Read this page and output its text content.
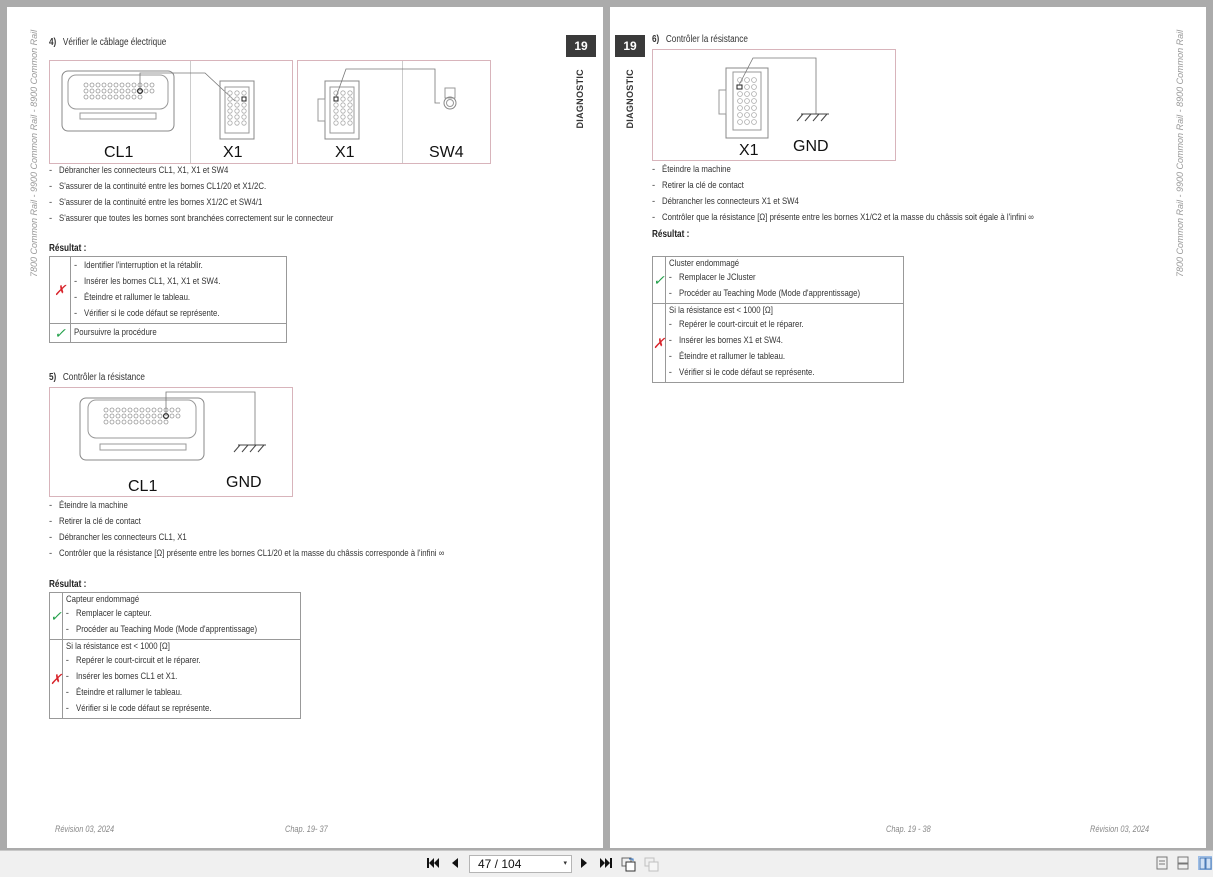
7800 Common Rail - 9900 Common Rail - 8900 Common Rail	19
DIAGNOSTIC
4) Vérifier le câblage électrique
CL1	X1	X1	SW4
- Débrancher les connecteurs CL1, X1, X1 et SW4
- S'assurer de la continuité entre les bornes CL1/20 et X1/2C.
- S'assurer de la continuité entre les bornes X1/2C et SW4/1
- S'assurer que toutes les bornes sont branchées correctement sur le connecteur
Résultat :
✗	- Identifier l'interruption et la rétablir.
- Insérer les bornes CL1, X1, X1 et SW4.
- Éteindre et rallumer le tableau.
- Vérifier si le code défaut se représente.

✓	Poursuivre la procédure
5) Contrôler la résistance
CL1	GND
- Éteindre la machine
- Retirer la clé de contact
- Débrancher les connecteurs CL1, X1
- Contrôler que la résistance [Ω] présente entre les bornes CL1/20 et la masse du châssis corresponde à l'infini ∞
Résultat :
✓	Capteur endommagé
- Remplacer le capteur.
- Procéder au Teaching Mode (Mode d'apprentissage)

✗	Si la résistance est < 1000 [Ω]
- Repérer le court-circuit et le réparer.
- Insérer les bornes CL1 et X1.
- Éteindre et rallumer le tableau.
- Vérifier si le code défaut se représente.
Révision 03, 2024	Chap. 19- 37
19
DIAGNOSTIC	7800 Common Rail - 9900 Common Rail - 8900 Common Rail
6) Contrôler la résistance
X1 GND
- Éteindre la machine
- Retirer la clé de contact
- Débrancher les connecteurs X1 et SW4
- Contrôler que la résistance [Ω] présente entre les bornes X1/C2 et la masse du châssis soit égale à l'infini ∞
Résultat :
✓	Cluster endommagé
- Remplacer le JCluster
- Procéder au Teaching Mode (Mode d'apprentissage)

✗	Si la résistance est < 1000 [Ω]
- Repérer le court-circuit et le réparer.
- Insérer les bornes X1 et SW4.
- Éteindre et rallumer le tableau.
- Vérifier si le code défaut se représente.
Chap. 19 - 38	Révision 03, 2024
47 / 104	▾
